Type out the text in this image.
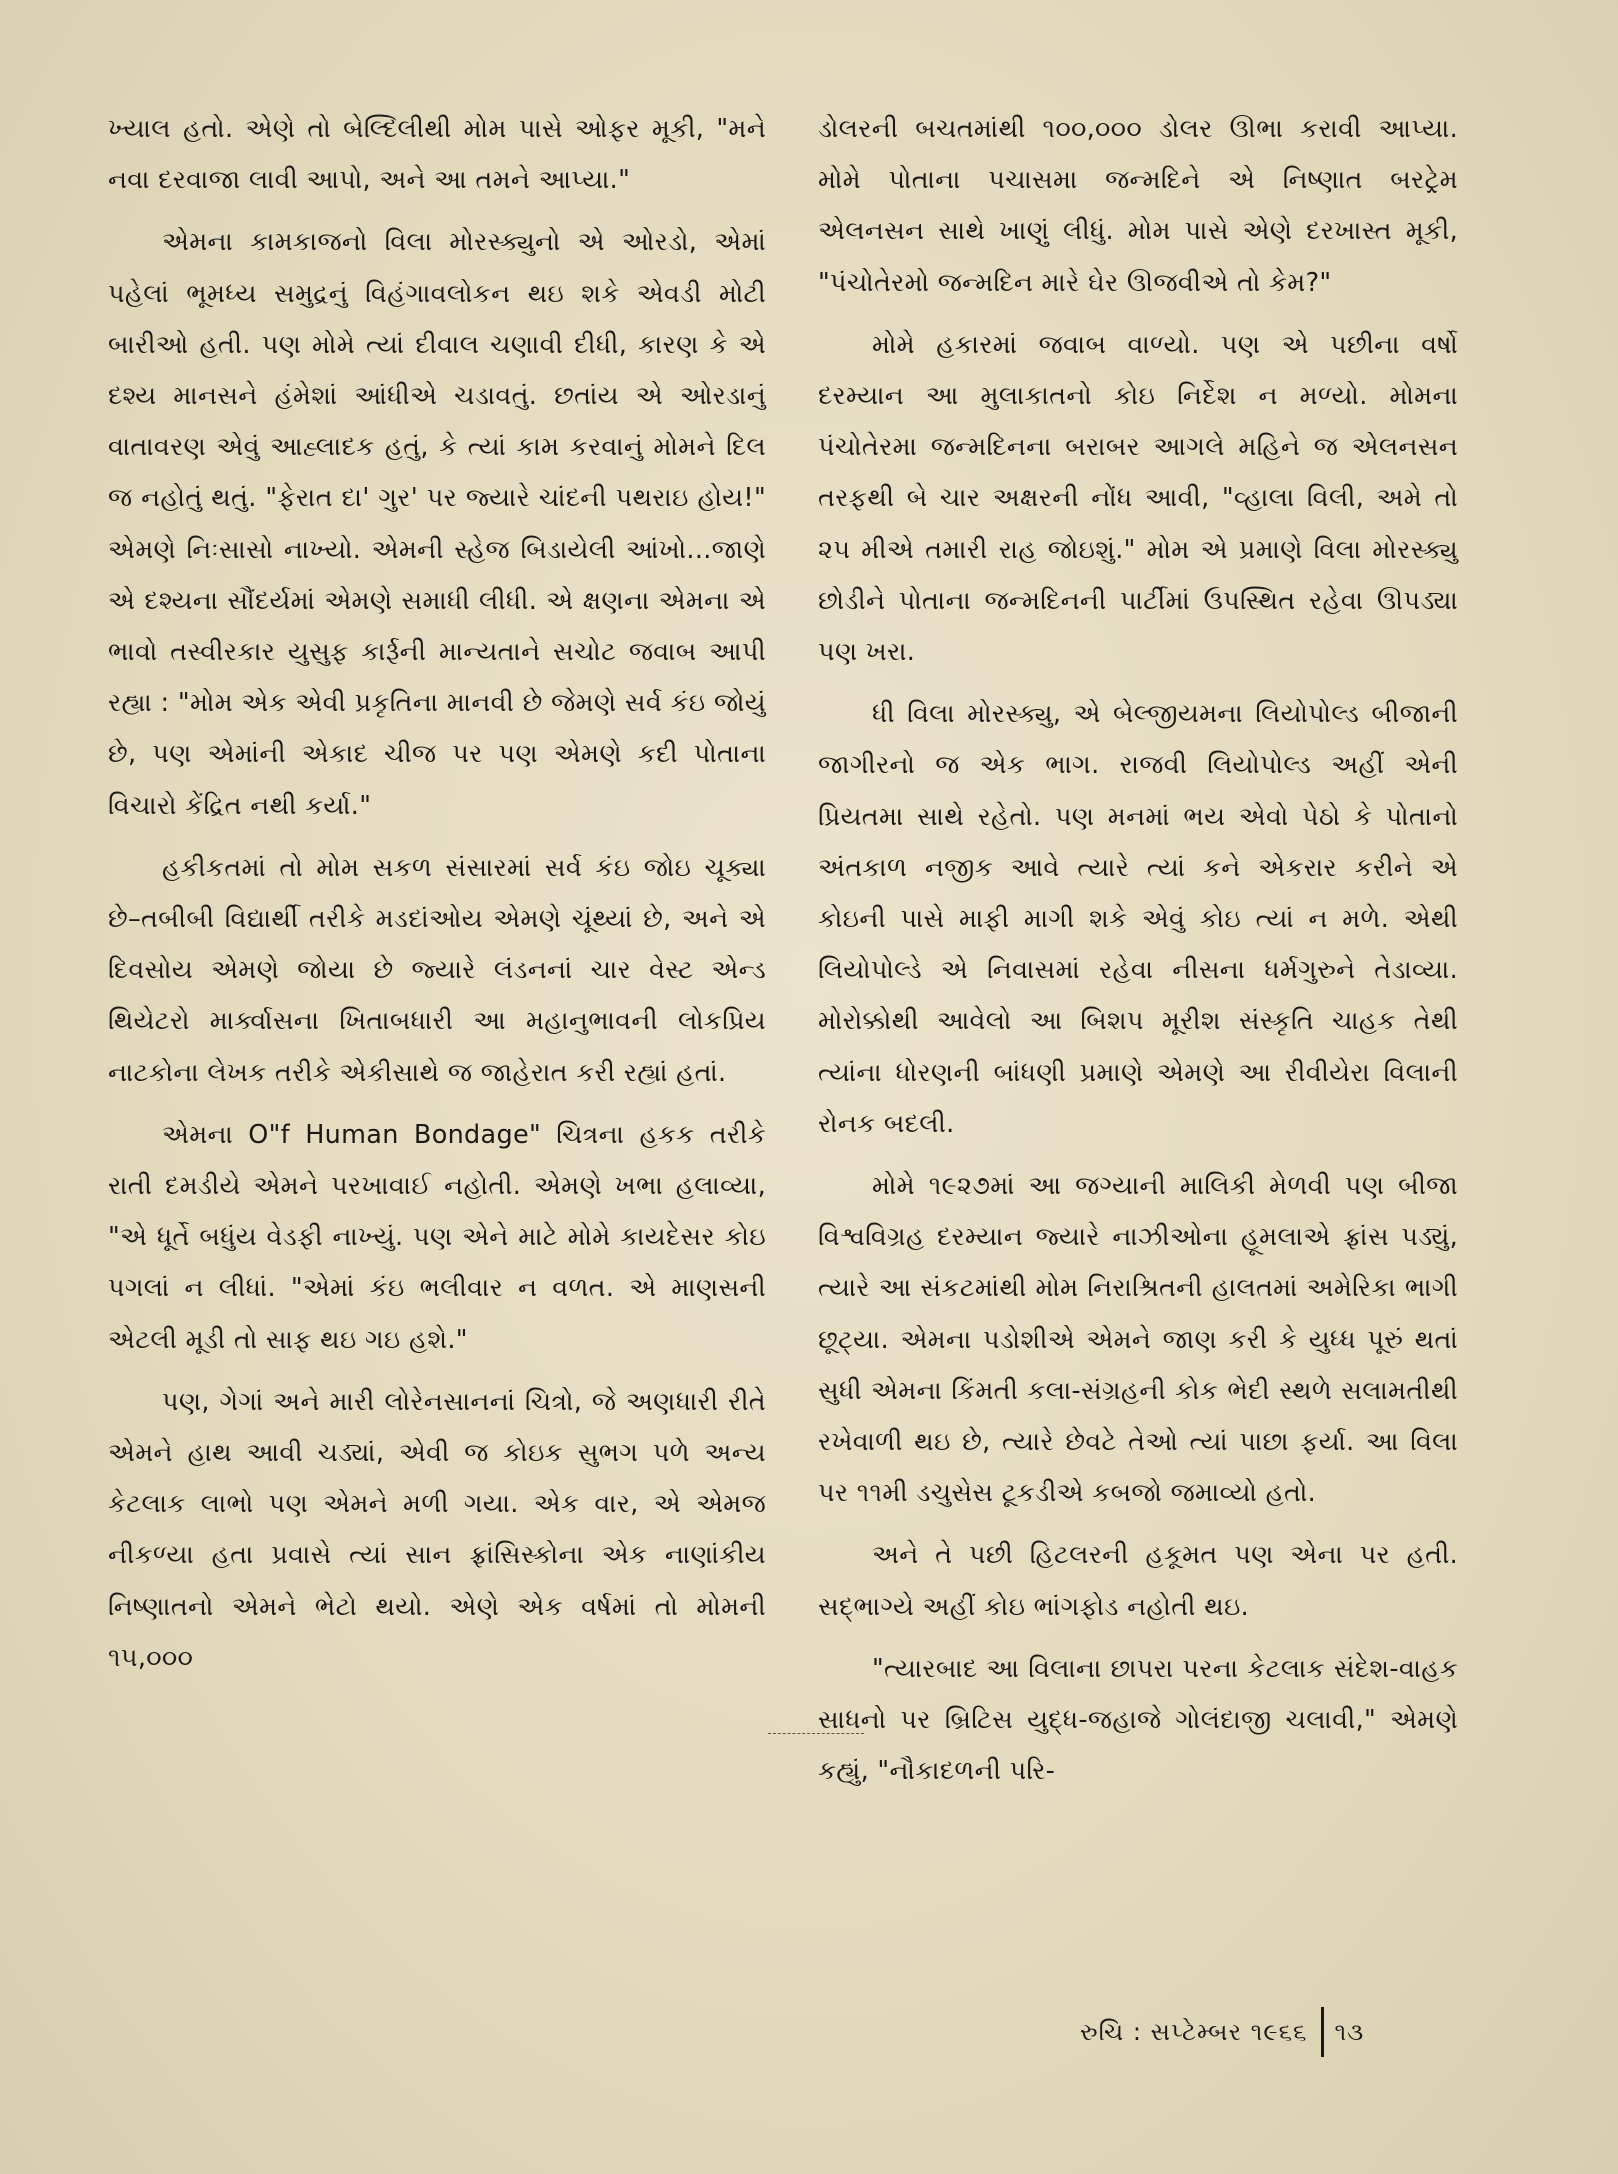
ખ્યાલ હતો. એણે તો બેલ્દિલીથી મોમ પાસે ઓફર મૂકી, "મને નવા દરવાજા લાવી આપો, અને આ તમને આપ્યા."

એમના કામકાજનો વિલા મોરસ્ક્યુનો એ ઓરડો, એમાં પહેલાં ભૂમધ્ય સમુદ્રનું વિહંગાવલોકન થઇ શકે એવડી મોટી બારીઓ હતી. પણ મોમે ત્યાં દીવાલ ચણાવી દીધી, કારણ કે એ દશ્ય માનસને હંમેશાં આંધીએ ચડાવતું. છતાંય એ ઓરડાનું વાતાવરણ એવું આહ્લાદક હતું, કે ત્યાં કામ કરવાનું મોમને દિલ જ નહોતું થતું. "ફેરાત દા' ગુર' પર જ્યારે ચાંદની પથરાઇ હોય!" એમણે નિઃસાસો નાખ્યો. એમની સ્હેજ બિડાયેલી આંખો...જાણે એ દશ્યના સૌંદર્યમાં એમણે સમાધી લીધી. એ ક્ષણના એમના એ ભાવો તસ્વીરકાર યુસુફ કાર્રૂની માન્યતાને સચોટ જવાબ આપી રહ્યા : "મોમ એક એવી પ્રકૃતિના માનવી છે જેમણે સર્વ કંઇ જોયું છે, પણ એમાંની એકાદ ચીજ પર પણ એમણે કદી પોતાના વિચારો કેંદ્રિત નથી કર્યા."

હકીકતમાં તો મોમ સકળ સંસારમાં સર્વ કંઇ જોઇ ચૂક્યા છે–તબીબી વિદ્યાર્થી તરીકે મડદાંઓય એમણે ચૂંથ્યાં છે, અને એ દિવસોય એમણે જોયા છે જ્યારે લંડનનાં ચાર વેસ્ટ એન્ડ થિયેટરો માર્ક્વાસના ખિતાબધારી આ મહાનુભાવની લોકપ્રિય નાટકોના લેખક તરીકે એકીસાથે જ જાહેરાત કરી રહ્યાં હતાં.

એમના O"f Human Bondage" ચિત્રના હકક તરીકે રાતી દમડીયે એમને પરખાવાઈ નહોતી. એમણે ખભા હલાવ્યા, "એ ધૂર્તે બધુંય વેડફી નાખ્યું. પણ એને માટે મોમે કાયદેસર કોઇ પગલાં ન લીધાં. "એમાં કંઇ ભલીવાર ન વળત. એ માણસની એટલી મૂડી તો સાફ થઇ ગઇ હશે."

પણ, ગેગાં અને મારી લોરેનસાનનાં ચિત્રો, જે અણધારી રીતે એમને હાથ આવી ચડ્યાં, એવી જ કોઇક સુભગ પળે અન્ય કેટલાક લાભો પણ એમને મળી ગયા. એક વાર, એ એમજ નીકળ્યા હતા પ્રવાસે ત્યાં સાન ફ્રાંસિસ્કોના એક નાણાંકીય નિષ્ણાતનો એમને ભેટો થયો. એણે એક વર્ષમાં તો મોમની ૧૫,૦૦૦

ડોલરની બચતમાંથી ૧૦૦,૦૦૦ ડોલર ઊભા કરાવી આપ્યા. મોમે પોતાના પચાસમા જન્મદિને એ નિષ્ણાત બરટ્રેમ એલનસન સાથે ખાણું લીધું. મોમ પાસે એણે દરખાસ્ત મૂકી, "પંચોતેરમો જન્મદિન મારે ઘેર ઊજવીએ તો કેમ?"

મોમે હકારમાં જવાબ વાળ્યો. પણ એ પછીના વર્ષો દરમ્યાન આ મુલાકાતનો કોઇ નિર્દેશ ન મળ્યો. મોમના પંચોતેરમા જન્મદિનના બરાબર આગલે મહિને જ એલનસન તરફથી બે ચાર અક્ષરની નોંધ આવી, "વ્હાલા વિલી, અમે તો ૨૫ મીએ તમારી રાહ જોઇશું." મોમ એ પ્રમાણે વિલા મોરસ્ક્યુ છોડીને પોતાના જન્મદિનની પાર્ટીમાં ઉપસ્થિત રહેવા ઊપડ્યા પણ ખરા.

ધી વિલા મોરસ્ક્યુ, એ બેલ્જીયમના લિયોપોલ્ડ બીજાની જાગીરનો જ એક ભાગ. રાજવી લિયોપોલ્ડ અહીં એની પ્રિયતમા સાથે રહેતો. પણ મનમાં ભય એવો પેઠો કે પોતાનો અંતકાળ નજીક આવે ત્યારે ત્યાં કને એકરાર કરીને એ કોઇની પાસે માફી માગી શકે એવું કોઇ ત્યાં ન મળે. એથી લિયોપોલ્ડે એ નિવાસમાં રહેવા નીસના ધર્મગુરુને તેડાવ્યા. મોરોક્કોથી આવેલો આ બિશપ મૂરીશ સંસ્કૃતિ ચાહક તેથી ત્યાંના ધોરણની બાંધણી પ્રમાણે એમણે આ રીવીયેરા વિલાની રોનક બદલી.

મોમે ૧૯૨૭માં આ જગ્યાની માલિકી મેળવી પણ બીજા વિશ્વવિગ્રહ દરમ્યાન જ્યારે નાઝીઓના હૂમલાએ ફ્રાંસ પડ્યું, ત્યારે આ સંકટમાંથી મોમ નિરાશ્રિતની હાલતમાં અમેરિકા ભાગી છૂટ્યા. એમના પડોશીએ એમને જાણ કરી કે યુધ્ધ પૂરું થતાં સુધી એમના કિંમતી કલા-સંગ્રહની કોક ભેદી સ્થળે સલામતીથી રખેવાળી થઇ છે, ત્યારે છેવટે તેઓ ત્યાં પાછા ફર્યા. આ વિલા પર ૧૧મી ડચુસેસ ટૂકડીએ કબજો જમાવ્યો હતો.

અને તે પછી હિટલરની હકૂમત પણ એના પર હતી. સદ્ભાગ્યે અહીં કોઇ ભાંગફોડ નહોતી થઇ.

"ત્યારબાદ આ વિલાના છાપરા પરના કેટલાક સંદેશ-વાહક સાધનો પર બ્રિટિસ યુદ્ધ-જહાજે ગોલંદાજી ચલાવી," એમણે કહ્યું, "નૌકાદળની પરિ-

રુચિ : સપ્ટેમ્બર ૧૯૬૬ ૧૩
